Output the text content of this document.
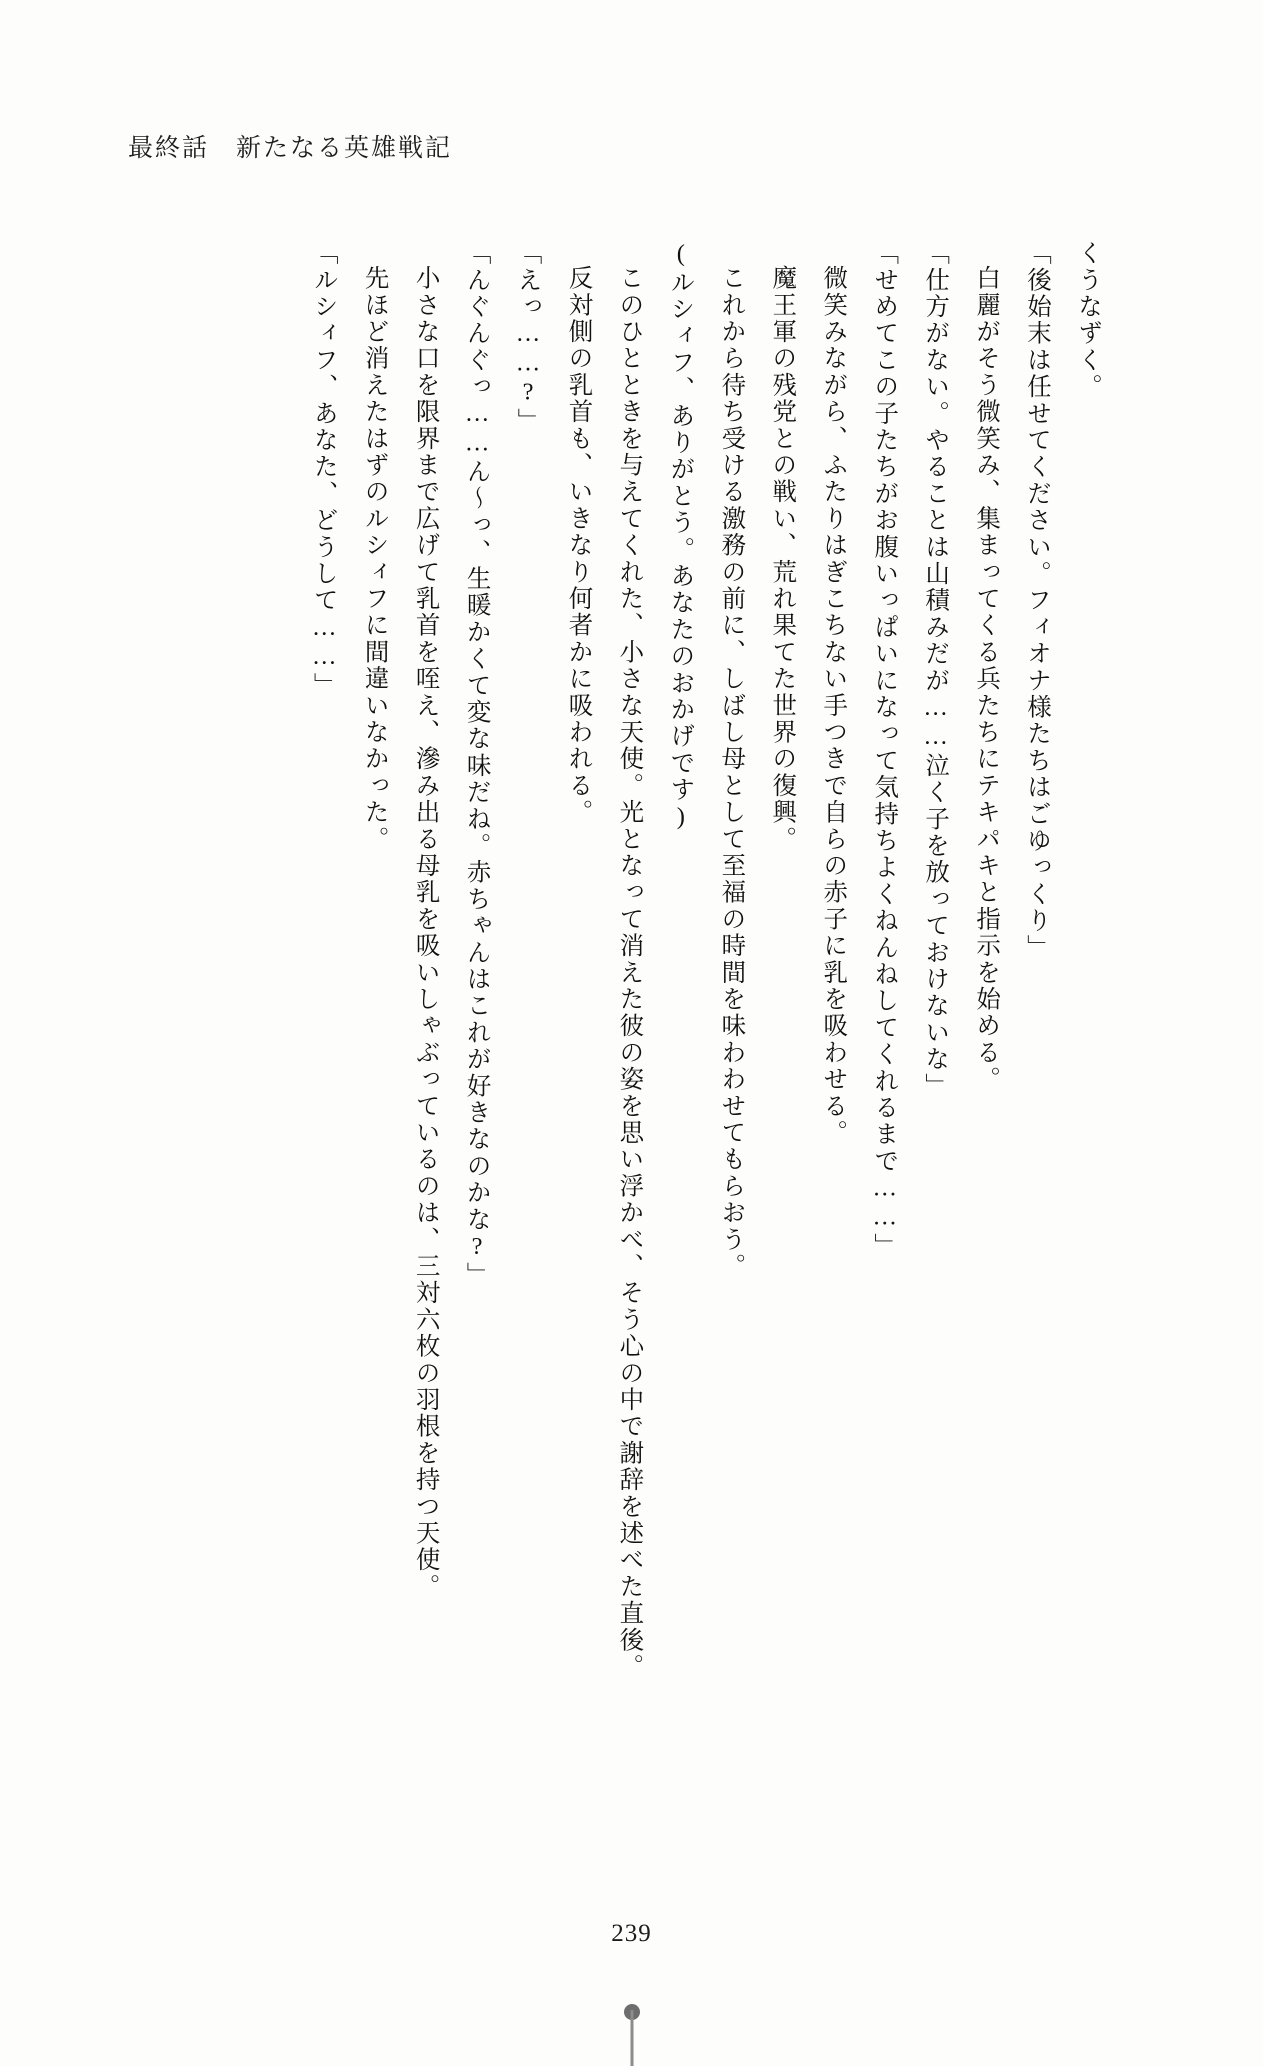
最終話　新たなる英雄戦記

くうなずく。

「後始末は任せてください。フィオナ様たちはごゆっくり」

白麗がそう微笑み、集まってくる兵たちにテキパキと指示を始める。

「仕方がない。やることは山積みだが……泣く子を放っておけないな」

「せめてこの子たちがお腹いっぱいになって気持ちよくねんねしてくれるまで……」

微笑みながら、ふたりはぎこちない手つきで自らの赤子に乳を吸わせる。

魔王軍の残党との戦い、荒れ果てた世界の復興。

これから待ち受ける激務の前に、しばし母として至福の時間を味わわせてもらおう。

(ルシィフ、ありがとう。あなたのおかげです)

このひとときを与えてくれた、小さな天使。光となって消えた彼の姿を思い浮かべ、そう心の中で謝辞を述べた直後。

反対側の乳首も、いきなり何者かに吸われる。

「えっ……?」

「んぐんぐっ……ん〜っ、生暖かくて変な味だね。赤ちゃんはこれが好きなのかな?」

小さな口を限界まで広げて乳首を咥え、滲み出る母乳を吸いしゃぶっているのは、三対六枚の羽根を持つ天使。

先ほど消えたはずのルシィフに間違いなかった。

「ルシィフ、あなた、どうして……」

239
